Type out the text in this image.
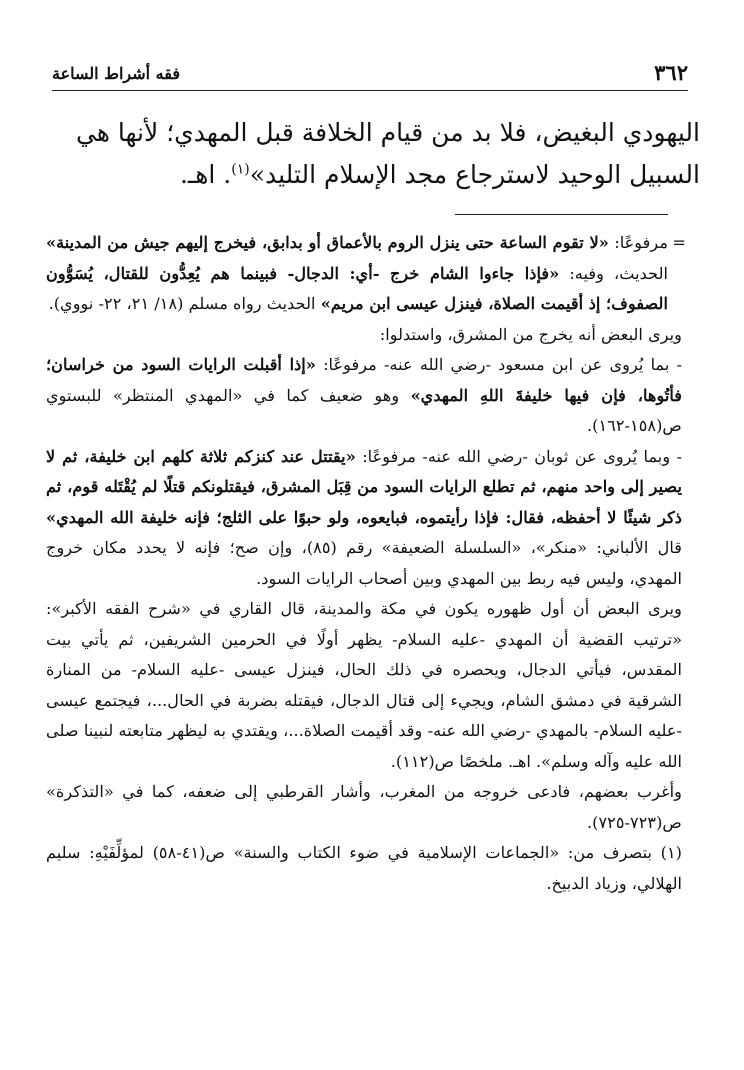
٣٦٢
فقه أشراط الساعة

اليهودي البغيض، فلا بد من قيام الخلافة قبل المهدي؛ لأنها هي

السبيل الوحيد لاسترجاع مجد الإسلام التليد»$^{(١)}$. اهـ.

=
مرفوعًا: «لا تقوم الساعة حتى ينزل الروم بالأعماق أو بدابق، فيخرج إليهم جيش من المدينة» الحديث، وفيه: «فإذا جاءوا الشام خرج -أي: الدجال- فبينما هم يُعِدُّون للقتال، يُسَوُّون الصفوف؛ إذ أقيمت الصلاة، فينزل عيسى ابن مريم» الحديث رواه مسلم (١٨/ ٢١، ٢٢- نووي).

ويرى البعض أنه يخرج من المشرق، واستدلوا:

- بما يُروى عن ابن مسعود -رضي الله عنه- مرفوعًا: «إذا أقبلت الرايات السود من خراسان؛ فأتُوها، فإن فيها خليفةَ اللهِ المهدي» وهو ضعيف كما في «المهدي المنتظر» للبستوي ص(١٥٨-١٦٢).

- وبما يُروى عن ثوبان -رضي الله عنه- مرفوعًا: «يقتتل عند كنزكم ثلاثة كلهم ابن خليفة، ثم لا يصير إلى واحد منهم، ثم تطلع الرايات السود من قِبَل المشرق، فيقتلونكم قتلًا لم يُقْتَله قوم، ثم ذكر شيئًا لا أحفظه، فقال: فإذا رأيتموه، فبايعوه، ولو حبوًا على الثلج؛ فإنه خليفة الله المهدي» قال الألباني: «منكر»، «السلسلة الضعيفة» رقم (٨٥)، وإن صح؛ فإنه لا يحدد مكان خروج المهدي، وليس فيه ربط بين المهدي وبين أصحاب الرايات السود.

ويرى البعض أن أول ظهوره يكون في مكة والمدينة، قال القاري في «شرح الفقه الأكبر»: «ترتيب القضية أن المهدي -عليه السلام- يظهر أولًا في الحرمين الشريفين، ثم يأتي بيت المقدس، فيأتي الدجال، ويحصره في ذلك الحال، فينزل عيسى -عليه السلام- من المنارة الشرقية في دمشق الشام، ويجيء إلى قتال الدجال، فيقتله بضربة في الحال...، فيجتمع عيسى -عليه السلام- بالمهدي -رضي الله عنه- وقد أقيمت الصلاة...، ويقتدي به ليظهر متابعته لنبينا صلى الله عليه وآله وسلم». اهـ. ملخصًا ص(١١٢).

وأغرب بعضهم، فادعى خروجه من المغرب، وأشار القرطبي إلى ضعفه، كما في «التذكرة» ص(٧٢٣-٧٢٥).

(١) بتصرف من: «الجماعات الإسلامية في ضوء الكتاب والسنة» ص(٤١-٥٨) لمؤلِّفَيْهِ: سليم الهلالي، وزياد الدبيخ.
